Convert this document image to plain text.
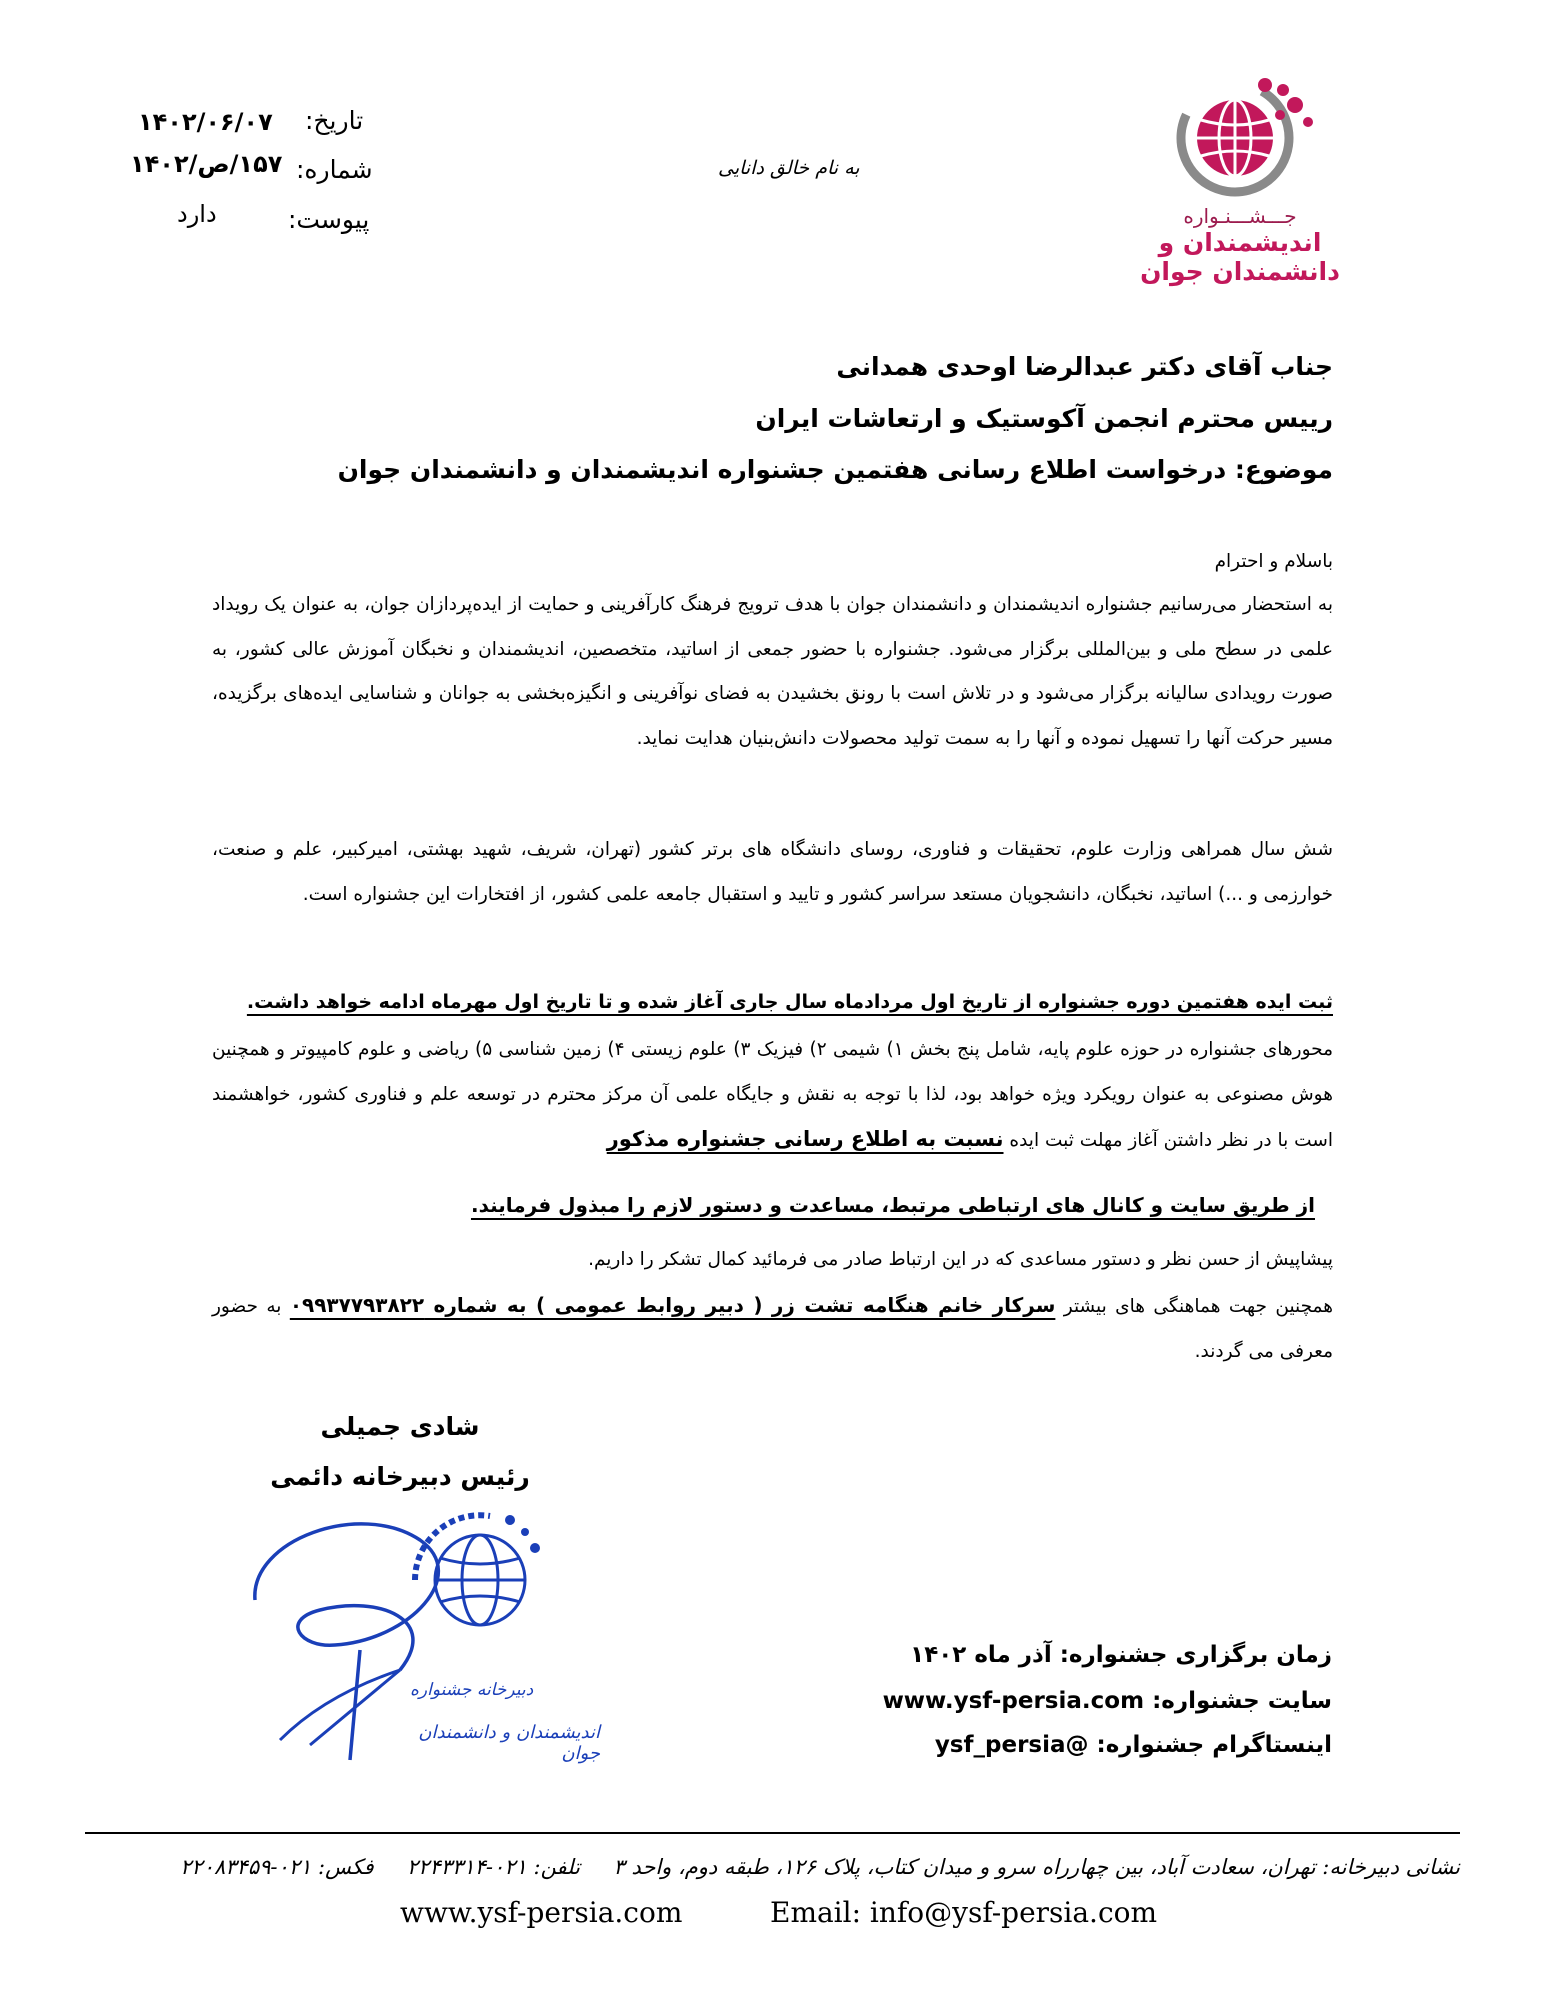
تاریخ:
۱۴۰۲/۰۶/۰۷
شماره:
۱۵۷/ص/۱۴۰۲
پیوست:
دارد
به نام خالق دانایی
جـــشـــنـواره
اندیشمندان و دانشمندان جوان
جناب آقای دکتر عبدالرضا اوحدی همدانی
رییس محترم انجمن آکوستیک و ارتعاشات ایران
موضوع: درخواست اطلاع رسانی هفتمین جشنواره اندیشمندان و دانشمندان جوان
باسلام و احترام
به استحضار می‌رسانیم جشنواره اندیشمندان و دانشمندان جوان با هدف ترویج فرهنگ کارآفرینی و حمایت از ایده‌پردازان جوان، به عنوان یک رویداد علمی در سطح ملی و بین‌المللی برگزار می‌شود. جشنواره با حضور جمعی از اساتید، متخصصین، اندیشمندان و نخبگان آموزش عالی کشور، به صورت رویدادی سالیانه برگزار می‌شود و در تلاش است با رونق بخشیدن به فضای نوآفرینی و انگیزه‌بخشی به جوانان و شناسایی ایده‌های برگزیده، مسیر حرکت آنها را تسهیل نموده و آنها را به سمت تولید محصولات دانش‌بنیان هدایت نماید.
شش سال همراهی وزارت علوم، تحقیقات و فناوری، روسای دانشگاه های برتر کشور (تهران، شریف، شهید بهشتی، امیرکبیر، علم و صنعت، خوارزمی و ...) اساتید، نخبگان، دانشجویان مستعد سراسر کشور و تایید و استقبال جامعه علمی کشور، از افتخارات این جشنواره است.
ثبت ایده هفتمین دوره جشنواره از تاریخ اول مردادماه سال جاری آغاز شده و تا تاریخ اول مهرماه ادامه خواهد داشت.
محورهای جشنواره در حوزه علوم پایه، شامل پنج بخش ۱) شیمی ۲) فیزیک ۳) علوم زیستی ۴) زمین شناسی ۵) ریاضی و علوم کامپیوتر و همچنین هوش مصنوعی به عنوان رویکرد ویژه خواهد بود، لذا با توجه به نقش و جایگاه علمی آن مرکز محترم در توسعه علم و فناوری کشور، خواهشمند است با در نظر داشتن آغاز مهلت ثبت ایده نسبت به اطلاع رسانی جشنواره مذکور
از طریق سایت و کانال های ارتباطی مرتبط، مساعدت و دستور لازم را مبذول فرمایند.
پیشاپیش از حسن نظر و دستور مساعدی که در این ارتباط صادر می فرمائید کمال تشکر را داریم.
همچنین جهت هماهنگی های بیشتر سرکار خانم هنگامه تشت زر ( دبیر روابط عمومی ) به شماره ۰۹۹۳۷۷۹۳۸۲۲ به حضور معرفی می گردند.
شادی جمیلی
رئیس دبیرخانه دائمی
دبیرخانه جشنواره
اندیشمندان و دانشمندان جوان
زمان برگزاری جشنواره: آذر ماه ۱۴۰۲
سایت جشنواره: www.ysf-persia.com
اینستاگرام جشنواره: @ysf_persia
نشانی دبیرخانه: تهران، سعادت آباد، بین چهارراه سرو و میدان کتاب، پلاک ۱۲۶، طبقه دوم، واحد ۳     تلفن: ۰۲۱-۲۲۴۳۳۱۴     فکس: ۰۲۱-۲۲۰۸۳۴۵۹
www.ysf-persia.com	Email: info@ysf-persia.com
